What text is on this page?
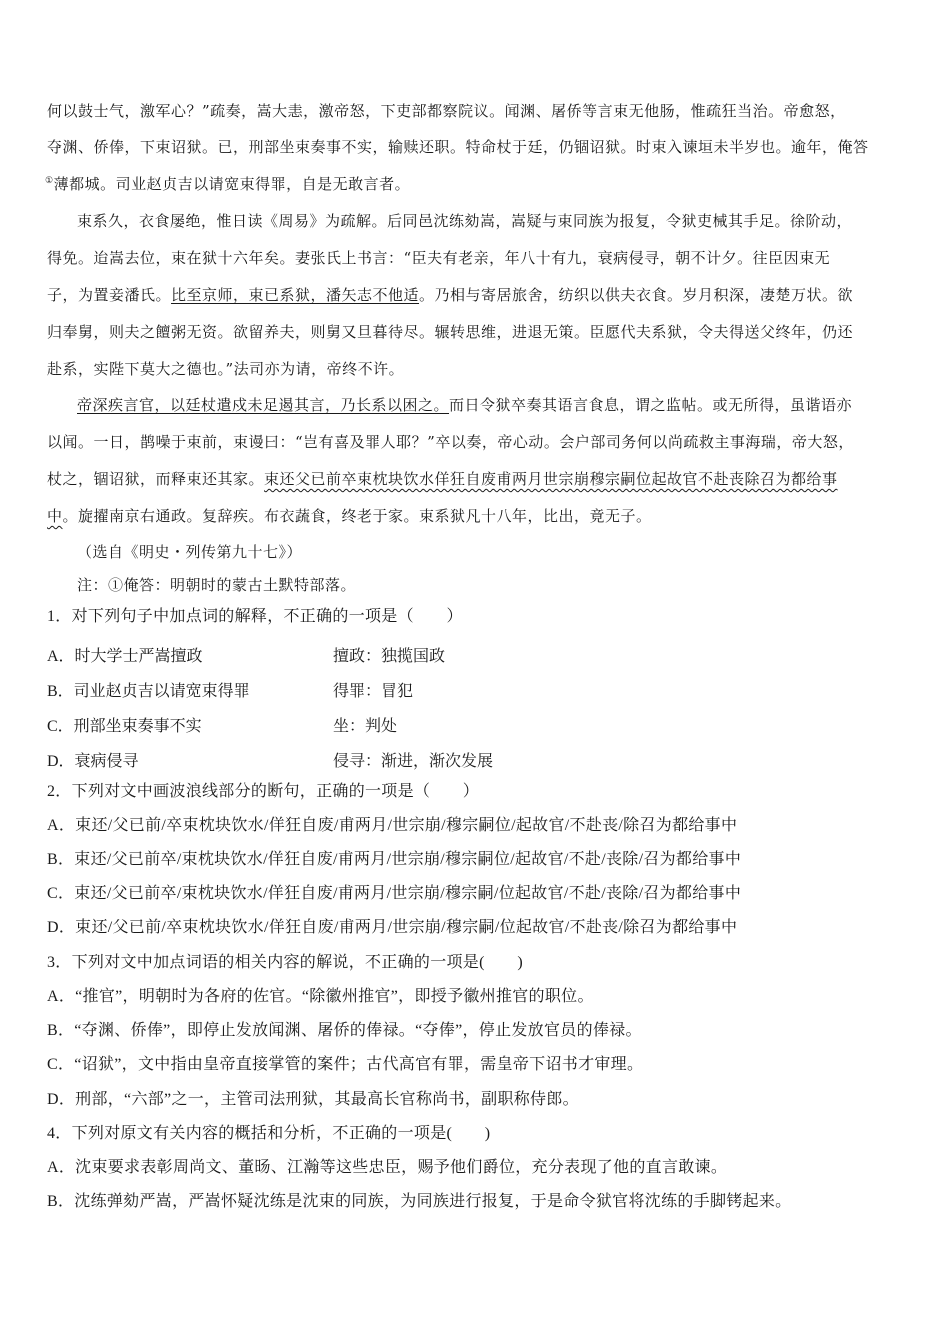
何以鼓士气，激军心？”疏奏，嵩大恚，激帝怒，下吏部都察院议。闻渊、屠侨等言束无他肠，惟疏狂当治。帝愈怒，

夺渊、侨俸，下束诏狱。已，刑部坐束奏事不实，输赎还职。特命杖于廷，仍锢诏狱。时束入谏垣未半岁也。逾年，俺答

①薄都城。司业赵贞吉以请宽束得罪，自是无敢言者。

束系久，衣食屡绝，惟日读《周易》为疏解。后同邑沈练劾嵩，嵩疑与束同族为报复，令狱吏械其手足。徐阶动，

得免。迨嵩去位，束在狱十六年矣。妻张氏上书言：“臣夫有老亲，年八十有九，衰病侵寻，朝不计夕。往臣因束无

子，为置妾潘氏。比至京师，束已系狱，潘矢志不他适。乃相与寄居旅舍，纺织以供夫衣食。岁月积深，凄楚万状。欲

归奉舅，则夫之饘粥无资。欲留养夫，则舅又旦暮待尽。辗转思维，进退无策。臣愿代夫系狱，令夫得送父终年，仍还

赴系，实陛下莫大之德也。”法司亦为请，帝终不许。

帝深疾言官，以廷杖遣戍未足遏其言，乃长系以困之。而日令狱卒奏其语言食息，谓之监帖。或无所得，虽谐语亦

以闻。一日，鹊噪于束前，束谩曰：“岂有喜及罪人耶？”卒以奏，帝心动。会户部司务何以尚疏救主事海瑞，帝大怒，

杖之，锢诏狱，而释束还其家。束还父已前卒束枕块饮水佯狂自废甫两月世宗崩穆宗嗣位起故官不赴丧除召为都给事

中。旋擢南京右通政。复辞疾。布衣蔬食，终老于家。束系狱凡十八年，比出，竟无子。

（选自《明史・列传第九十七》）

注：①俺答：明朝时的蒙古土默特部落。

1．对下列句子中加点词的解释，不正确的一项是（　　）

A．时大学士严嵩擅政	擅政：独揽国政
B．司业赵贞吉以请宽束得罪	得罪：冒犯
C．刑部坐束奏事不实	坐：判处
D．衰病侵寻	侵寻：渐进，渐次发展

2．下列对文中画波浪线部分的断句，正确的一项是（　　）

A．束还/父已前/卒束枕块饮水/佯狂自废/甫两月/世宗崩/穆宗嗣位/起故官/不赴丧/除召为都给事中

B．束还/父已前卒/束枕块饮水/佯狂自废/甫两月/世宗崩/穆宗嗣位/起故官/不赴/丧除/召为都给事中

C．束还/父已前卒/束枕块饮水/佯狂自废/甫两月/世宗崩/穆宗嗣/位起故官/不赴/丧除/召为都给事中

D．束还/父已前/卒束枕块饮水/佯狂自废/甫两月/世宗崩/穆宗嗣/位起故官/不赴丧/除召为都给事中

3．下列对文中加点词语的相关内容的解说，不正确的一项是(　　)

A．“推官”，明朝时为各府的佐官。“除徽州推官”，即授予徽州推官的职位。

B．“夺渊、侨俸”，即停止发放闻渊、屠侨的俸禄。“夺俸”，停止发放官员的俸禄。

C．“诏狱”，文中指由皇帝直接掌管的案件；古代高官有罪，需皇帝下诏书才审理。

D．刑部，“六部”之一，主管司法刑狱，其最高长官称尚书，副职称侍郎。

4．下列对原文有关内容的概括和分析，不正确的一项是(　　)

A．沈束要求表彰周尚文、董旸、江瀚等这些忠臣，赐予他们爵位，充分表现了他的直言敢谏。

B．沈练弹劾严嵩，严嵩怀疑沈练是沈束的同族，为同族进行报复，于是命令狱官将沈练的手脚铐起来。
